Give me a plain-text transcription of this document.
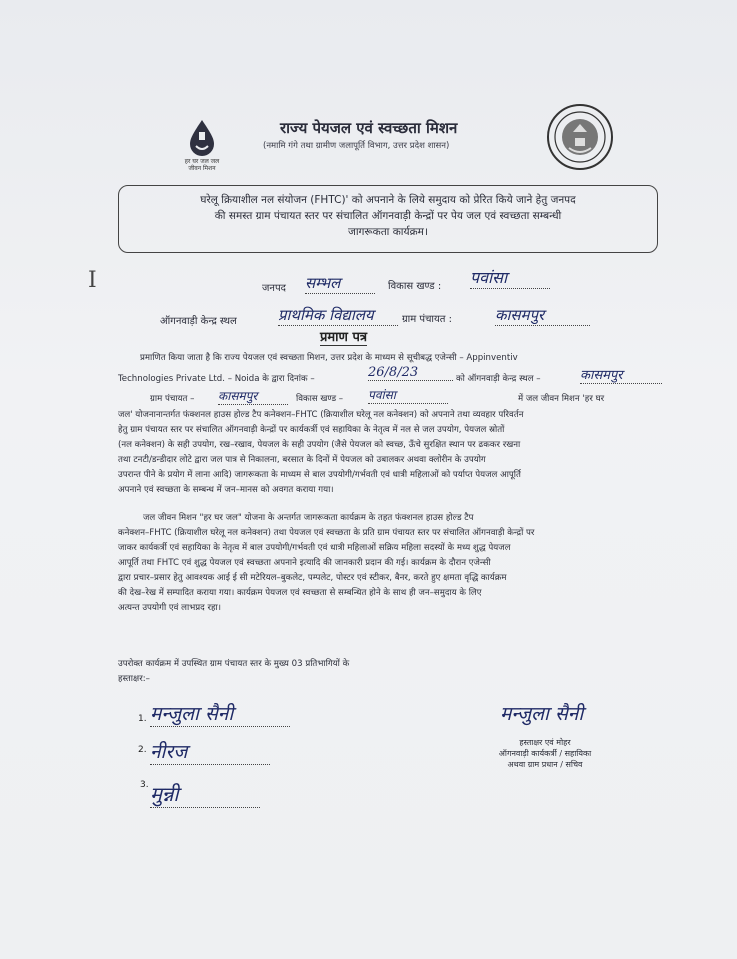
हर घर जल जल जीवन मिशन
राज्य पेयजल एवं स्वच्छता मिशन
(नमामि गंगे तथा ग्रामीण जलापूर्ति विभाग, उत्तर प्रदेश शासन)
घरेलू क्रियाशील नल संयोजन (FHTC)' को अपनाने के लिये समुदाय को प्रेरित किये जाने हेतु जनपद
की समस्त ग्राम पंचायत स्तर पर संचालित ऑगनवाड़ी केन्द्रों पर पेय जल एवं स्वच्छता सम्बन्धी
जागरूकता कार्यक्रम।
I	जनपद सम्भल	विकास खण्ड : पवांसा
ऑगनवाड़ी केन्द्र स्थल	प्राथमिक विद्यालय	ग्राम पंचायत :	कासमपुर
प्रमाण पत्र
प्रमाणित किया जाता है कि राज्य पेयजल एवं स्वच्छता मिशन, उत्तर प्रदेश के माध्यम से सूचीबद्ध एजेन्सी – Appinventiv
Technologies Private Ltd. – Noida के द्वारा दिनांक –	26/8/23	को ऑगनवाड़ी केन्द्र स्थल –	कासमपुर
ग्राम पंचायत – कासमपुर	विकास खण्ड – पवांसा	में जल जीवन मिशन 'हर घर
जल' योजनानान्तर्गत फंक्शनल हाउस होल्ड टैप कनेक्शन–FHTC (क्रियाशील घरेलू नल कनेक्शन) को अपनाने तथा व्यवहार परिवर्तन
हेतु ग्राम पंचायत स्तर पर संचालित ऑगनवाड़ी केन्द्रों पर कार्यकर्त्री एवं सहायिका के नेतृत्व में नल से जल उपयोग, पेयजल स्रोतों
(नल कनेक्शन) के सही उपयोग, रख–रखाव, पेयजल के सही उपयोग (जैसे पेयजल को स्वच्छ, ऊँचे सुरक्षित स्थान पर ढककर रखना
तथा टनटी/डन्डीदार लोटे द्वारा जल पात्र से निकालना, बरसात के दिनों में पेयजल को उबालकर अथवा क्लोरीन के उपयोग
उपरान्त पीने के प्रयोग में लाना आदि) जागरूकता के माध्यम से बाल उपयोगी/गर्भवती एवं धात्री महिलाओं को पर्याप्त पेयजल आपूर्ति
अपनाने एवं स्वच्छता के सम्बन्ध में जन–मानस को अवगत कराया गया।
जल जीवन मिशन "हर घर जल" योजना के अन्तर्गत जागरूकता कार्यक्रम के तहत फंक्शनल हाउस होल्ड टैप
कनेक्शन–FHTC (क्रियाशील घरेलू नल कनेक्शन) तथा पेयजल एवं स्वच्छता के प्रति ग्राम पंचायत स्तर पर संचालित ऑगनवाड़ी केन्द्रों पर
जाकर कार्यकर्त्री एवं सहायिका के नेतृत्व में बाल उपयोगी/गर्भवती एवं धात्री महिलाओं सक्रिय महिला सदस्यों के मध्य शुद्ध पेयजल
आपूर्ति तथा FHTC एवं शुद्ध पेयजल एवं स्वच्छता अपनाने इत्यादि की जानकारी प्रदान की गई। कार्यक्रम के दौरान एजेन्सी
द्वारा प्रचार–प्रसार हेतु आवश्यक आई ई सी मटेरियल–बुकलेट, पम्पलेट, पोस्टर एवं स्टीकर, बैनर, करते हुए क्षमता वृद्धि कार्यक्रम
की देख–रेख में सम्पादित कराया गया। कार्यक्रम पेयजल एवं स्वच्छता से सम्बन्धित होने के साथ ही जन–समुदाय के लिए
अत्यन्त उपयोगी एवं लाभप्रद रहा।
उपरोक्त कार्यक्रम में उपस्थित ग्राम पंचायत स्तर के मुख्य 03 प्रतिभागियों के
हस्ताक्षर:–
1. मन्जुला सैनी
2. नीरज
3. मुन्नी
मन्जुला सैनी
हस्ताक्षर एवं मोहर
ऑगनवाड़ी कार्यकर्त्री / सहायिका
अथवा ग्राम प्रधान / सचिव
